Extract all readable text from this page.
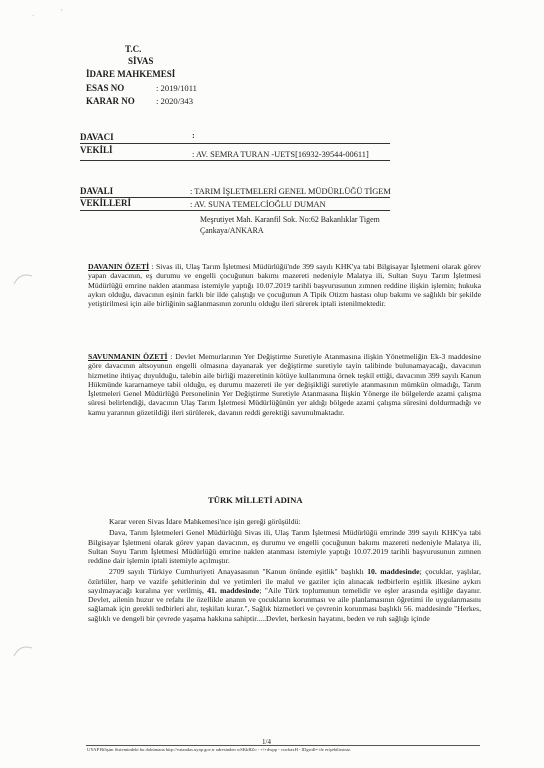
‐	˅
T.C.
SİVAS
İDARE MAHKEMESİ
ESAS NO	: 2019/1011
KARAR NO : 2020/343
DAVACI	:
VEKİLİ	: AV. SEMRA TURAN -UETS[16932-39544-00611]
DAVALI	: TARIM İŞLETMELERİ GENEL MÜDÜRLÜĞÜ TİGEM
VEKİLLERİ	: AV. SUNA TEMELCİOĞLU DUMAN
Meşrutiyet Mah. Karanfil Sok. No:62 Bakanlıklar Tigem
Çankaya/ANKARA

DAVANIN ÖZETİ : Sivas ili, Ulaş Tarım İşletmesi Müdürlüğü'nde 399 sayılı KHK'ya tabi Bilgisayar İşletmeni olarak görev yapan davacının, eş durumu ve engelli çocuğunun bakımı mazereti nedeniyle Malatya ili, Sultan Suyu Tarım İşletmesi Müdürlüğü emrine naklen atanması istemiyle yaptığı 10.07.2019 tarihli başvurusunun zımnen reddine ilişkin işlemin; hukuka aykırı olduğu, davacının eşinin farklı bir ilde çalıştığı ve çocuğunun A Tipik Otizm hastası olup bakımı ve sağlıklı bir şekilde yetiştirilmesi için aile birliğinin sağlanmasının zorunlu olduğu ileri sürerek iptali istenilmektedir.

SAVUNMANIN ÖZETİ : Devlet Memurlarının Yer Değiştirme Suretiyle Atanmasına ilişkin Yönetmeliğin Ek-3 maddesine göre davacının altsoyunun engelli olmasına dayanarak yer değiştirme suretiyle tayin talibinde bulunamayacağı, davacının hizmetine ihtiyaç duyulduğu, talebin aile birliği mazeretinin kötüye kullanımına örnek teşkil ettiği, davacının 399 sayılı Kanun Hükmünde kararnameye tabii olduğu, eş durumu mazereti ile yer değişikliği suretiyle atanmasının mümkün olmadığı, Tarım İşletmeleri Genel Müdürlüğü Personelinin Yer Değiştirme Suretiyle Atanmasına İlişkin Yönerge ile bölgelerde azami çalışma süresi belirlendiği, davacının Ulaş Tarım İşletmesi Müdürlüğünün yer aldığı bölgede azami çalışma süresini doldurmadığı ve kamu yararının gözetildiği ileri sürülerek, davanın reddi gerektiği savunulmaktadır.

TÜRK MİLLETİ ADINA

Karar veren Sivas İdare Mahkemesi'nce işin gereği görüşüldü:

Dava, Tarım İşletmeleri Genel Müdürlüğü Sivas ili, Ulaş Tarım İşletmesi Müdürlüğü emrinde 399 sayılı KHK'ya tabi Bilgisayar İşletmeni olarak görev yapan davacının, eş durumu ve engelli çocuğunun bakımı mazereti nedeniyle Malatya ili, Sultan Suyu Tarım İşletmesi Müdürlüğü emrine naklen atanması istemiyle yaptığı 10.07.2019 tarihli başvurusunun zımnen reddine dair işlemin iptali istemiyle açılmıştır.

2709 sayılı Türkiye Cumhuriyeti Anayasasının "Kanun önünde eşitlik" başlıklı 10. maddesinde; çocuklar, yaşlılar, özürlüler, harp ve vazife şehitlerinin dul ve yetimleri ile malul ve gaziler için alınacak tedbirlerin eşitlik ilkesine aykırı sayılmayacağı kuralına yer verilmiş, 41. maddesinde; "Aile Türk toplumunun temelidir ve eşler arasında eşitliğe dayanır. Devlet, ailenin huzur ve refahı ile özellikle ananın ve çocukların korunması ve aile planlamasının öğretimi ile uygulanmasını sağlamak için gerekli tedbirleri alır, teşkilatı kurar.", Sağlık hizmetleri ve çevrenin korunması başlıklı 56. maddesinde "Herkes, sağlıklı ve dengeli bir çevrede yaşama hakkına sahiptir.....Devlet, herkesin hayatını, beden ve ruh sağlığı içinde

1/4
UYAP Bilişim Sistemindeki bu dokümana http://vatandas.uyap.gov.tr adresinden wSKkRZo - +/+dwpp - cswbaxH - lDgwdl= ile erişebilirsiniz.
